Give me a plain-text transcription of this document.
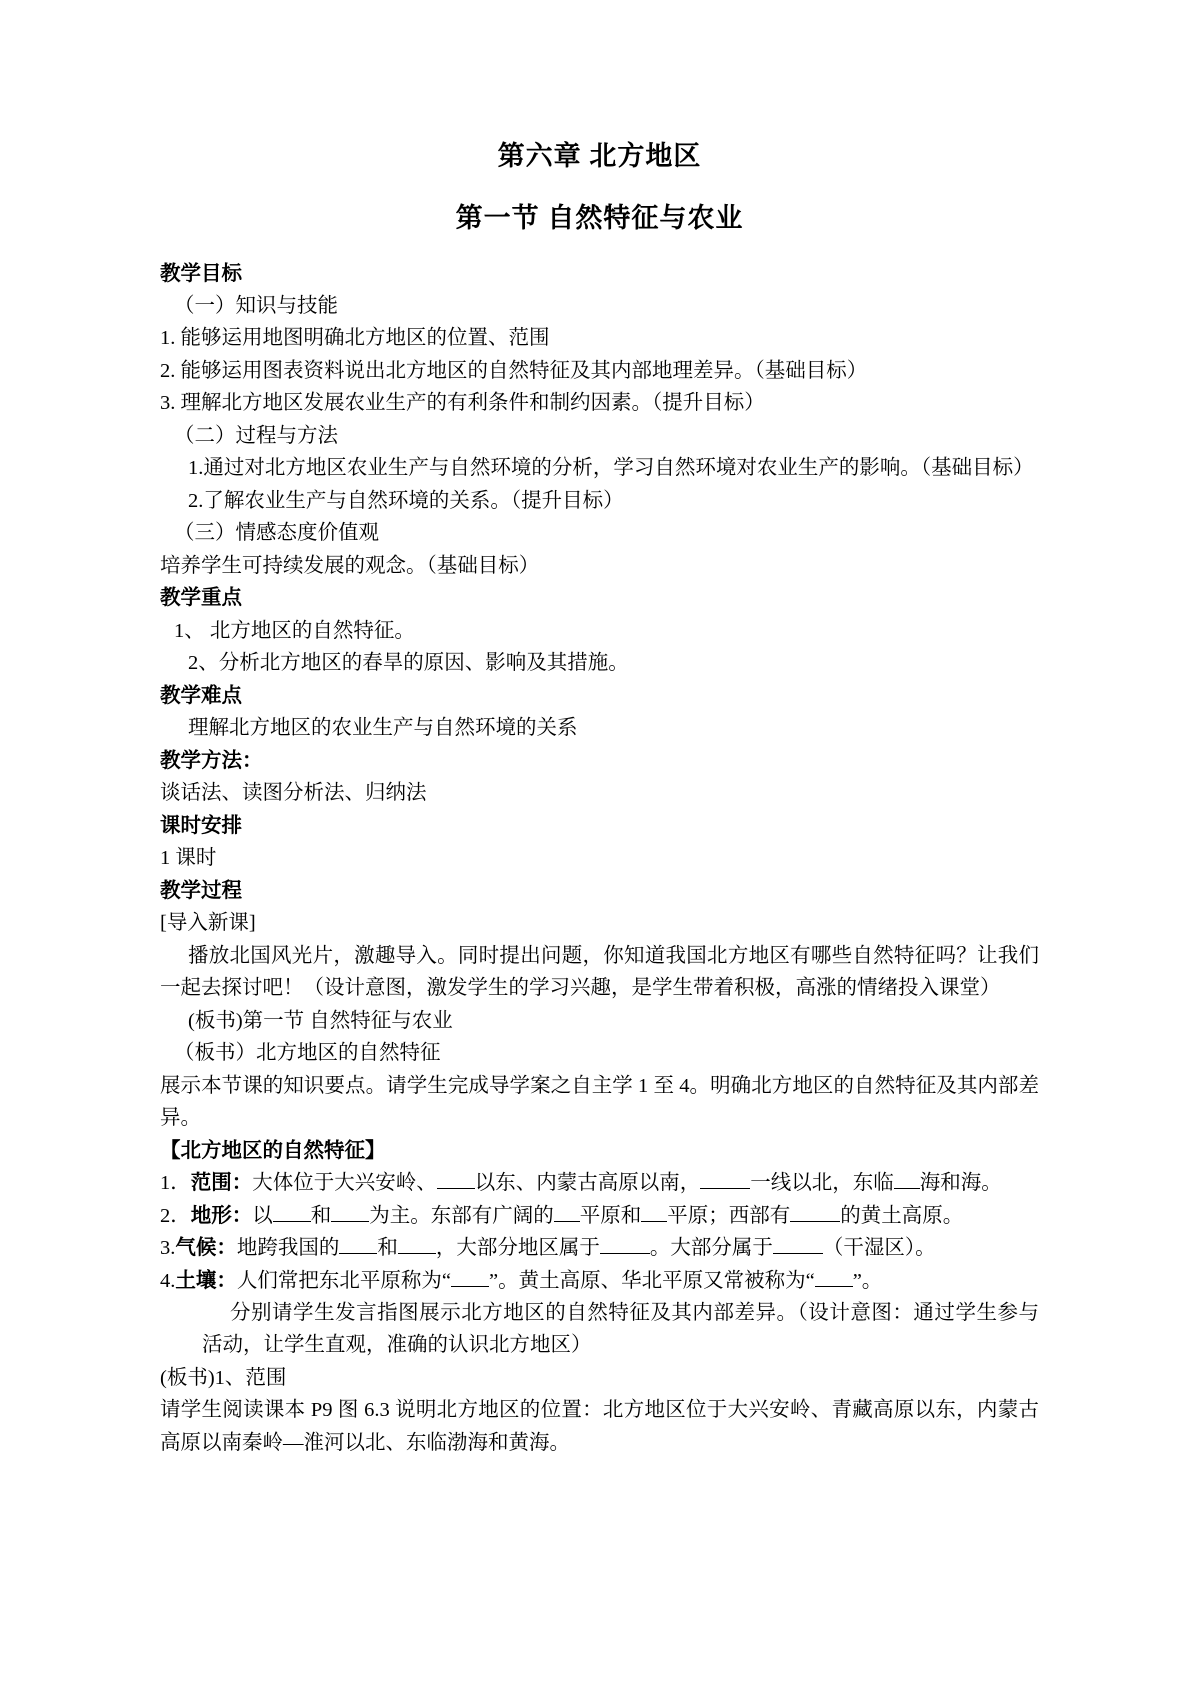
第六章 北方地区
第一节 自然特征与农业

教学目标

（一）知识与技能

1. 能够运用地图明确北方地区的位置、范围

2. 能够运用图表资料说出北方地区的自然特征及其内部地理差异。（基础目标）

3. 理解北方地区发展农业生产的有利条件和制约因素。（提升目标）

（二）过程与方法

1.通过对北方地区农业生产与自然环境的分析，学习自然环境对农业生产的影响。（基础目标）

2.了解农业生产与自然环境的关系。（提升目标）

（三）情感态度价值观

培养学生可持续发展的观念。（基础目标）

教学重点

1、 北方地区的自然特征。

2、分析北方地区的春旱的原因、影响及其措施。

教学难点

理解北方地区的农业生产与自然环境的关系

教学方法：

谈话法、读图分析法、归纳法

课时安排

1 课时

教学过程

[导入新课]

播放北国风光片，激趣导入。同时提出问题，你知道我国北方地区有哪些自然特征吗？让我们一起去探讨吧！（设计意图，激发学生的学习兴趣，是学生带着积极，高涨的情绪投入课堂）

(板书)第一节 自然特征与农业

（板书）北方地区的自然特征

展示本节课的知识要点。请学生完成导学案之自主学 1 至 4。明确北方地区的自然特征及其内部差异。

【北方地区的自然特征】

1．范围：大体位于大兴安岭、 以东、内蒙古高原以南， 一线以北，东临 海和海。

2．地形：以 和 为主。东部有广阔的 平原和 平原；西部有 的黄土高原。

3.气候：地跨我国的 和 ，大部分地区属于 。大部分属于 （干湿区）。

4.土壤：人们常把东北平原称为“ ”。黄土高原、华北平原又常被称为“ ”。

分别请学生发言指图展示北方地区的自然特征及其内部差异。（设计意图：通过学生参与活动，让学生直观，准确的认识北方地区）

(板书)1、范围

请学生阅读课本 P9 图 6.3 说明北方地区的位置：北方地区位于大兴安岭、青藏高原以东，内蒙古高原以南秦岭—淮河以北、东临渤海和黄海。
